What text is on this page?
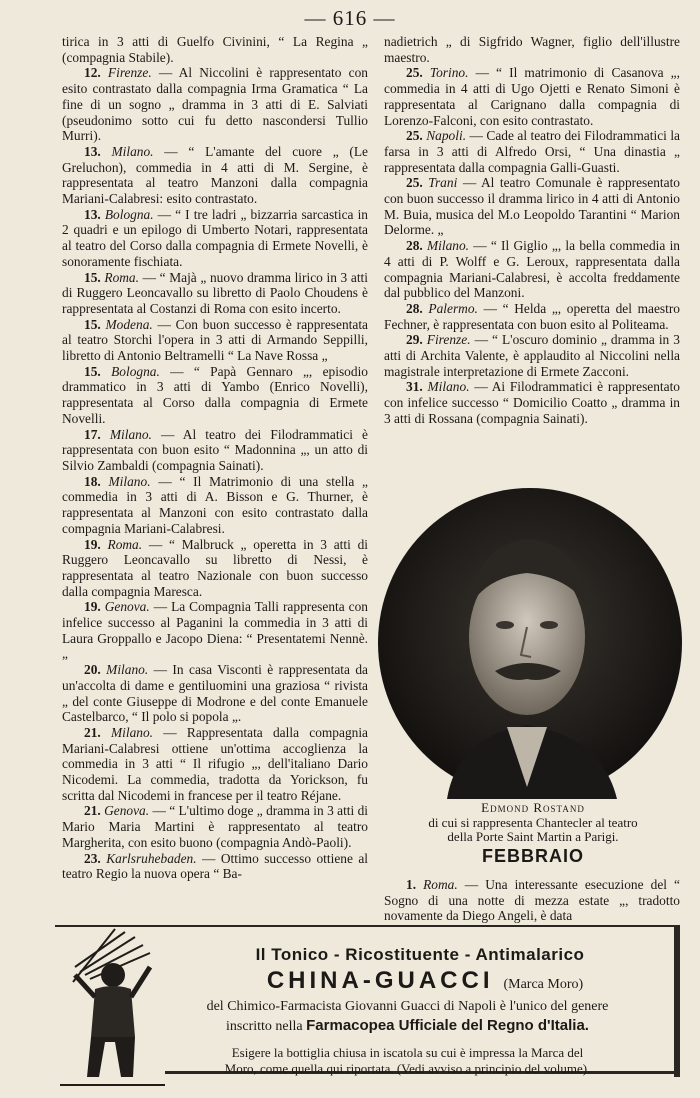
— 616 —

tirica in 3 atti di Guelfo Civinini, “ La Regina „ (compagnia Stabile).

12. Firenze. — Al Niccolini è rappresentato con esito contrastato dalla compagnia Irma Gramatica “ La fine di un sogno „ dramma in 3 atti di E. Salviati (pseudonimo sotto cui fu detto nascondersi Tullio Murri).

13. Milano. — “ L'amante del cuore „ (Le Greluchon), commedia in 4 atti di M. Sergine, è rappresentata al teatro Manzoni dalla compagnia Mariani-Calabresi: esito contrastato.

13. Bologna. — “ I tre ladri „ bizzarria sarcastica in 2 quadri e un epilogo di Umberto Notari, rappresentata al teatro del Corso dalla compagnia di Ermete Novelli, è sonoramente fischiata.

15. Roma. — “ Majà „ nuovo dramma lirico in 3 atti di Ruggero Leoncavallo su libretto di Paolo Choudens è rappresentata al Costanzi di Roma con esito incerto.

15. Modena. — Con buon successo è rappresentata al teatro Storchi l'opera in 3 atti di Armando Seppilli, libretto di Antonio Beltramelli “ La Nave Rossa „

15. Bologna. — “ Papà Gennaro „, episodio drammatico in 3 atti di Yambo (Enrico Novelli), rappresentata al Corso dalla compagnia di Ermete Novelli.

17. Milano. — Al teatro dei Filodrammatici è rappresentata con buon esito “ Madonnina „, un atto di Silvio Zambaldi (compagnia Sainati).

18. Milano. — “ Il Matrimonio di una stella „ commedia in 3 atti di A. Bisson e G. Thurner, è rappresentata al Manzoni con esito contrastato dalla compagnia Mariani-Calabresi.

19. Roma. — “ Malbruck „ operetta in 3 atti di Ruggero Leoncavallo su libretto di Nessi, è rappresentata al teatro Nazionale con buon successo dalla compagnia Maresca.

19. Genova. — La Compagnia Talli rappresenta con infelice successo al Paganini la commedia in 3 atti di Laura Groppallo e Jacopo Diena: “ Presentatemi Nennè. „

20. Milano. — In casa Visconti è rappresentata da un'accolta di dame e gentiluomini una graziosa “ rivista „ del conte Giuseppe di Modrone e del conte Emanuele Castelbarco, “ Il polo si popola „.

21. Milano. — Rappresentata dalla compagnia Mariani-Calabresi ottiene un'ottima accoglienza la commedia in 3 atti “ Il rifugio „, dell'italiano Dario Nicodemi. La commedia, tradotta da Yorickson, fu scritta dal Nicodemi in francese per il teatro Réjane.

21. Genova. — “ L'ultimo doge „ dramma in 3 atti di Mario Maria Martini è rappresentato al teatro Margherita, con esito buono (compagnia Andò-Paoli).

23. Karlsruhebaden. — Ottimo successo ottiene al teatro Regio la nuova opera “ Ba-

nadietrich „ di Sigfrido Wagner, figlio dell'illustre maestro.

25. Torino. — “ Il matrimonio di Casanova „, commedia in 4 atti di Ugo Ojetti e Renato Simoni è rappresentata al Carignano dalla compagnia di Lorenzo-Falconi, con esito contrastato.

25. Napoli. — Cade al teatro dei Filodrammatici la farsa in 3 atti di Alfredo Orsi, “ Una dinastia „ rappresentata dalla compagnia Galli-Guasti.

25. Trani — Al teatro Comunale è rappresentato con buon successo il dramma lirico in 4 atti di Antonio M. Buia, musica del M.o Leopoldo Tarantini “ Marion Delorme. „

28. Milano. — “ Il Giglio „, la bella commedia in 4 atti di P. Wolff e G. Leroux, rappresentata dalla compagnia Mariani-Calabresi, è accolta freddamente dal pubblico del Manzoni.

28. Palermo. — “ Helda „, operetta del maestro Fechner, è rappresentata con buon esito al Politeama.

29. Firenze. — “ L'oscuro dominio „ dramma in 3 atti di Archita Valente, è applaudito al Niccolini nella magistrale interpretazione di Ermete Zacconi.

31. Milano. — Ai Filodrammatici è rappresentato con infelice successo “ Domicilio Coatto „ dramma in 3 atti di Rossana (compagnia Sainati).

Edmond Rostand
di cui si rappresenta Chantecler al teatro
della Porte Saint Martin a Parigi.
FEBBRAIO

1. Roma. — Una interessante esecuzione del “ Sogno di una notte di mezza estate „, tradotto novamente da Diego Angeli, è data

Il Tonico - Ricostituente - Antimalarico
CHINA-GUACCI (Marca Moro)
del Chimico-Farmacista Giovanni Guacci di Napoli è l'unico del genere
inscritto nella Farmacopea Ufficiale del Regno d'Italia.
Esigere la bottiglia chiusa in iscatola su cui è impressa la Marca del
Moro, come quella qui riportata. (Vedi avviso a principio del volume).
